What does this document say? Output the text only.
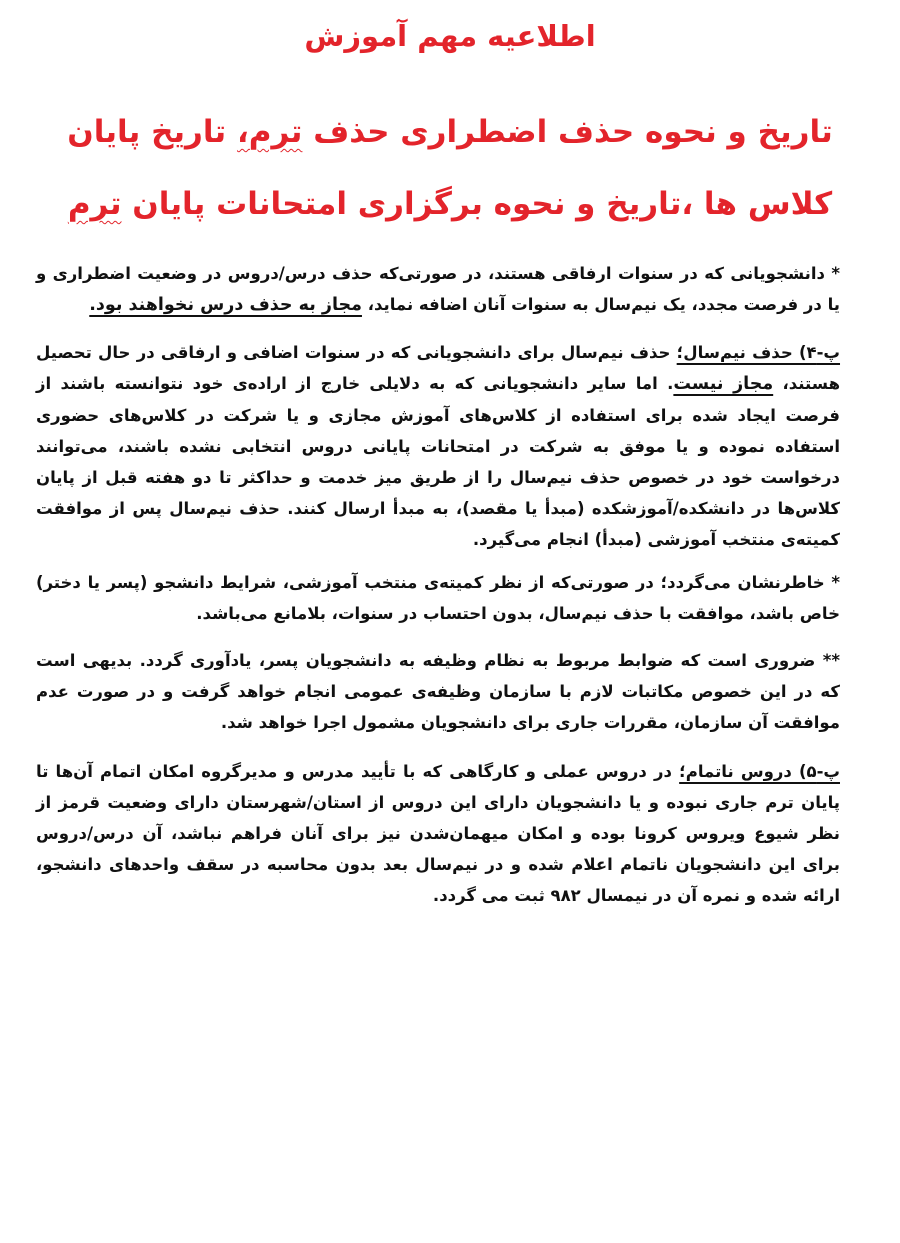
اطلاعیه مهم آموزش
تاریخ و نحوه حذف اضطراری حذف ترم، تاریخ پایان کلاس ها ،تاریخ و نحوه برگزاری امتحانات پایان ترم

* دانشجویانی که در سنوات ارفاقی هستند، در صورتی‌که حذف درس/دروس در وضعیت اضطراری و یا در فرصت مجدد، یک نیم‌سال به سنوات آنان اضافه نماید، مجاز به حذف درس نخواهند بود.

پ-۴) حذف نیم‌سال؛ حذف نیم‌سال برای دانشجویانی که در سنوات اضافی و ارفاقی در حال تحصیل هستند، مجاز نیست. اما سایر دانشجویانی که به دلایلی خارج از اراده‌ی خود نتوانسته باشند از فرصت ایجاد شده برای استفاده از کلاس‌های آموزش مجازی و یا شرکت در کلاس‌های حضوری استفاده نموده و یا موفق به شرکت در امتحانات پایانی دروس انتخابی نشده باشند، می‌توانند درخواست خود در خصوص حذف نیم‌سال را از طریق میز خدمت و حداکثر تا دو هفته قبل از پایان کلاس‌ها در دانشکده/آموزشکده (مبدأ یا مقصد)، به مبدأ ارسال کنند. حذف نیم‌سال پس از موافقت کمیته‌ی منتخب آموزشی (مبدأ) انجام می‌گیرد.

* خاطرنشان می‌گردد؛ در صورتی‌که از نظر کمیته‌ی منتخب آموزشی، شرایط دانشجو (پسر یا دختر) خاص باشد، موافقت با حذف نیم‌سال، بدون احتساب در سنوات، بلامانع می‌باشد.

** ضروری است که ضوابط مربوط به نظام وظیفه به دانشجویان پسر، یادآوری گردد. بدیهی است که در این خصوص مکاتبات لازم با سازمان وظیفه‌ی عمومی انجام خواهد گرفت و در صورت عدم موافقت آن سازمان، مقررات جاری برای دانشجویان مشمول اجرا خواهد شد.

پ-۵) دروس ناتمام؛ در دروس عملی و کارگاهی که با تأیید مدرس و مدیرگروه امکان اتمام آن‌ها تا پایان ترم جاری نبوده و یا دانشجویان دارای این دروس از استان/شهرستان دارای وضعیت قرمز از نظر شیوع ویروس کرونا بوده و امکان میهمان‌شدن نیز برای آنان فراهم نباشد، آن درس/دروس برای این دانشجویان ناتمام اعلام شده و در نیم‌سال بعد بدون محاسبه در سقف واحدهای دانشجو، ارائه شده و نمره آن در نیمسال ۹۸۲ ثبت می گردد.
